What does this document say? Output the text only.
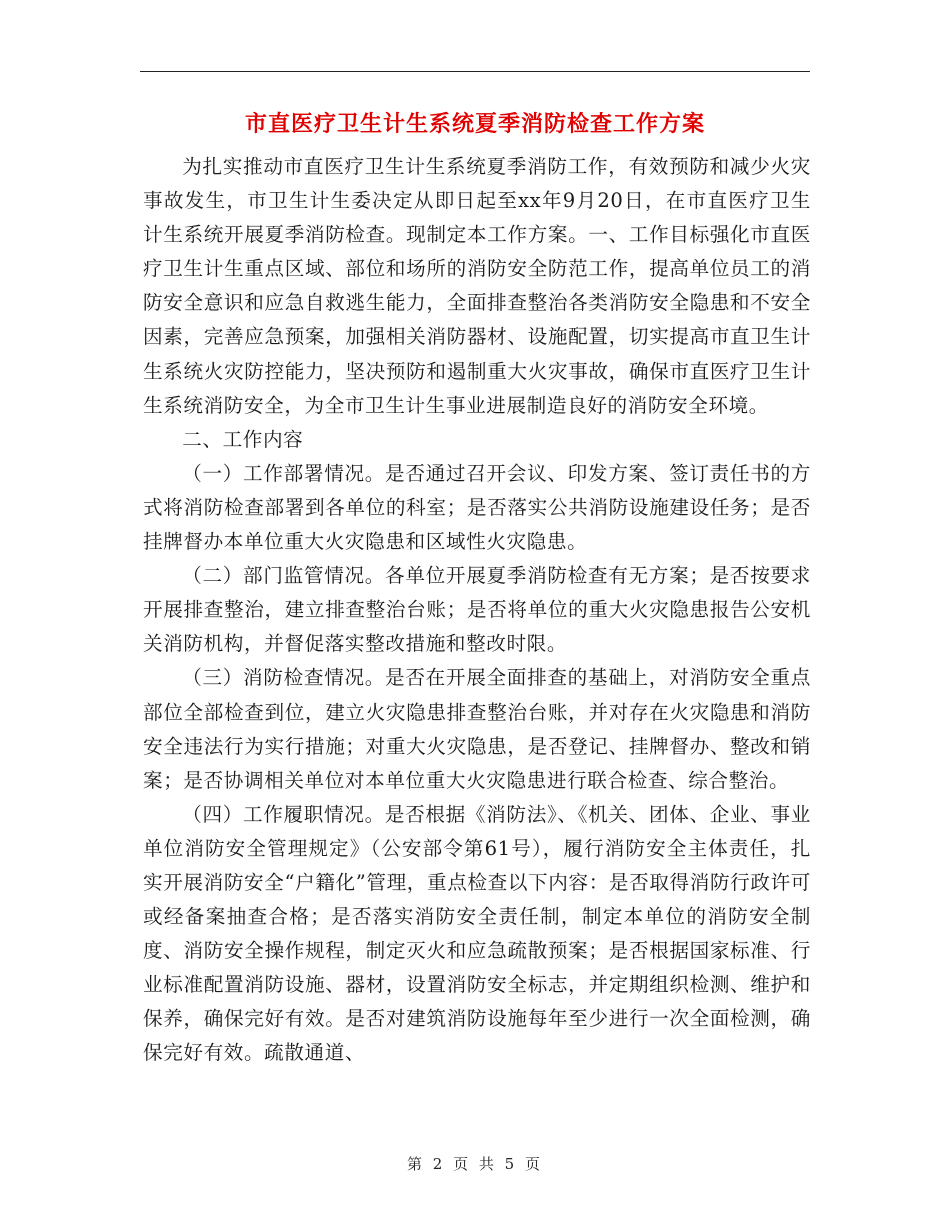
市直医疗卫生计生系统夏季消防检查工作方案

为扎实推动市直医疗卫生计生系统夏季消防工作，有效预防和减少火灾事故发生，市卫生计生委决定从即日起至xx年9月20日，在市直医疗卫生计生系统开展夏季消防检查。现制定本工作方案。一、工作目标强化市直医疗卫生计生重点区域、部位和场所的消防安全防范工作，提高单位员工的消防安全意识和应急自救逃生能力，全面排查整治各类消防安全隐患和不安全因素，完善应急预案，加强相关消防器材、设施配置，切实提高市直卫生计生系统火灾防控能力，坚决预防和遏制重大火灾事故，确保市直医疗卫生计生系统消防安全，为全市卫生计生事业进展制造良好的消防安全环境。

二、工作内容

（一）工作部署情况。是否通过召开会议、印发方案、签订责任书的方式将消防检查部署到各单位的科室；是否落实公共消防设施建设任务；是否挂牌督办本单位重大火灾隐患和区域性火灾隐患。

（二）部门监管情况。各单位开展夏季消防检查有无方案；是否按要求开展排查整治，建立排查整治台账；是否将单位的重大火灾隐患报告公安机关消防机构，并督促落实整改措施和整改时限。

（三）消防检查情况。是否在开展全面排查的基础上，对消防安全重点部位全部检查到位，建立火灾隐患排查整治台账，并对存在火灾隐患和消防安全违法行为实行措施；对重大火灾隐患，是否登记、挂牌督办、整改和销案；是否协调相关单位对本单位重大火灾隐患进行联合检查、综合整治。

（四）工作履职情况。是否根据《消防法》、《机关、团体、企业、事业单位消防安全管理规定》（公安部令第61号），履行消防安全主体责任，扎实开展消防安全“户籍化”管理，重点检查以下内容：是否取得消防行政许可或经备案抽查合格；是否落实消防安全责任制，制定本单位的消防安全制度、消防安全操作规程，制定灭火和应急疏散预案；是否根据国家标准、行业标准配置消防设施、器材，设置消防安全标志，并定期组织检测、维护和保养，确保完好有效。是否对建筑消防设施每年至少进行一次全面检测，确保完好有效。疏散通道、

第 2 页 共 5 页
